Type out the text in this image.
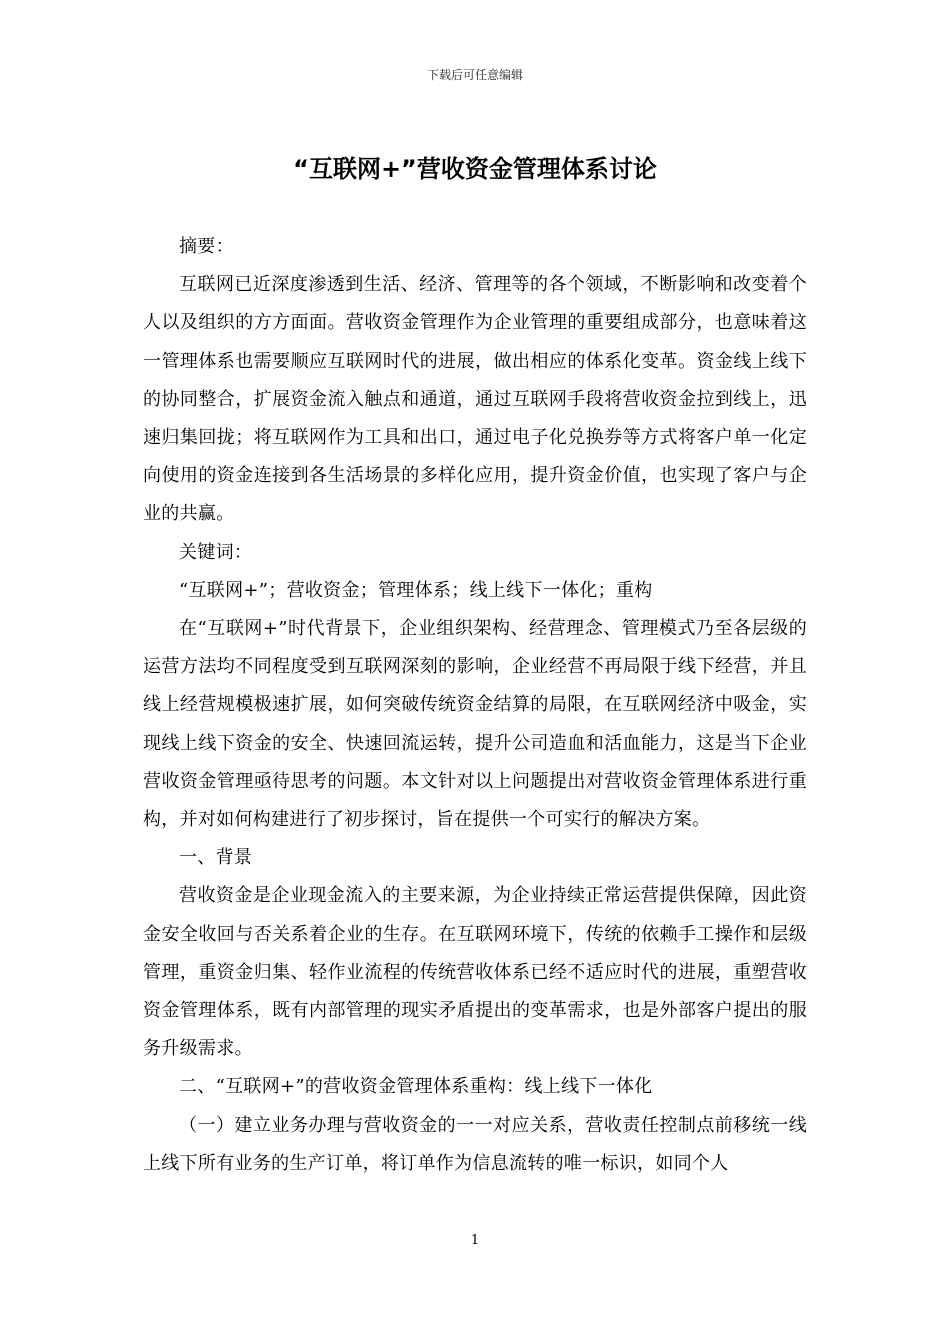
下载后可任意编辑
“互联网+”营收资金管理体系讨论

摘要：

互联网已近深度渗透到生活、经济、管理等的各个领域，不断影响和改变着个人以及组织的方方面面。营收资金管理作为企业管理的重要组成部分，也意味着这一管理体系也需要顺应互联网时代的进展，做出相应的体系化变革。资金线上线下的协同整合，扩展资金流入触点和通道，通过互联网手段将营收资金拉到线上，迅速归集回拢；将互联网作为工具和出口，通过电子化兑换券等方式将客户单一化定向使用的资金连接到各生活场景的多样化应用，提升资金价值，也实现了客户与企业的共赢。

关键词：

“互联网+”；营收资金；管理体系；线上线下一体化；重构

在“互联网+”时代背景下，企业组织架构、经营理念、管理模式乃至各层级的运营方法均不同程度受到互联网深刻的影响，企业经营不再局限于线下经营，并且线上经营规模极速扩展，如何突破传统资金结算的局限，在互联网经济中吸金，实现线上线下资金的安全、快速回流运转，提升公司造血和活血能力，这是当下企业营收资金管理亟待思考的问题。本文针对以上问题提出对营收资金管理体系进行重构，并对如何构建进行了初步探讨，旨在提供一个可实行的解决方案。

一、背景

营收资金是企业现金流入的主要来源，为企业持续正常运营提供保障，因此资金安全收回与否关系着企业的生存。在互联网环境下，传统的依赖手工操作和层级管理，重资金归集、轻作业流程的传统营收体系已经不适应时代的进展，重塑营收资金管理体系，既有内部管理的现实矛盾提出的变革需求，也是外部客户提出的服务升级需求。

二、“互联网+”的营收资金管理体系重构：线上线下一体化

（一）建立业务办理与营收资金的一一对应关系，营收责任控制点前移统一线上线下所有业务的生产订单，将订单作为信息流转的唯一标识，如同个人

1
